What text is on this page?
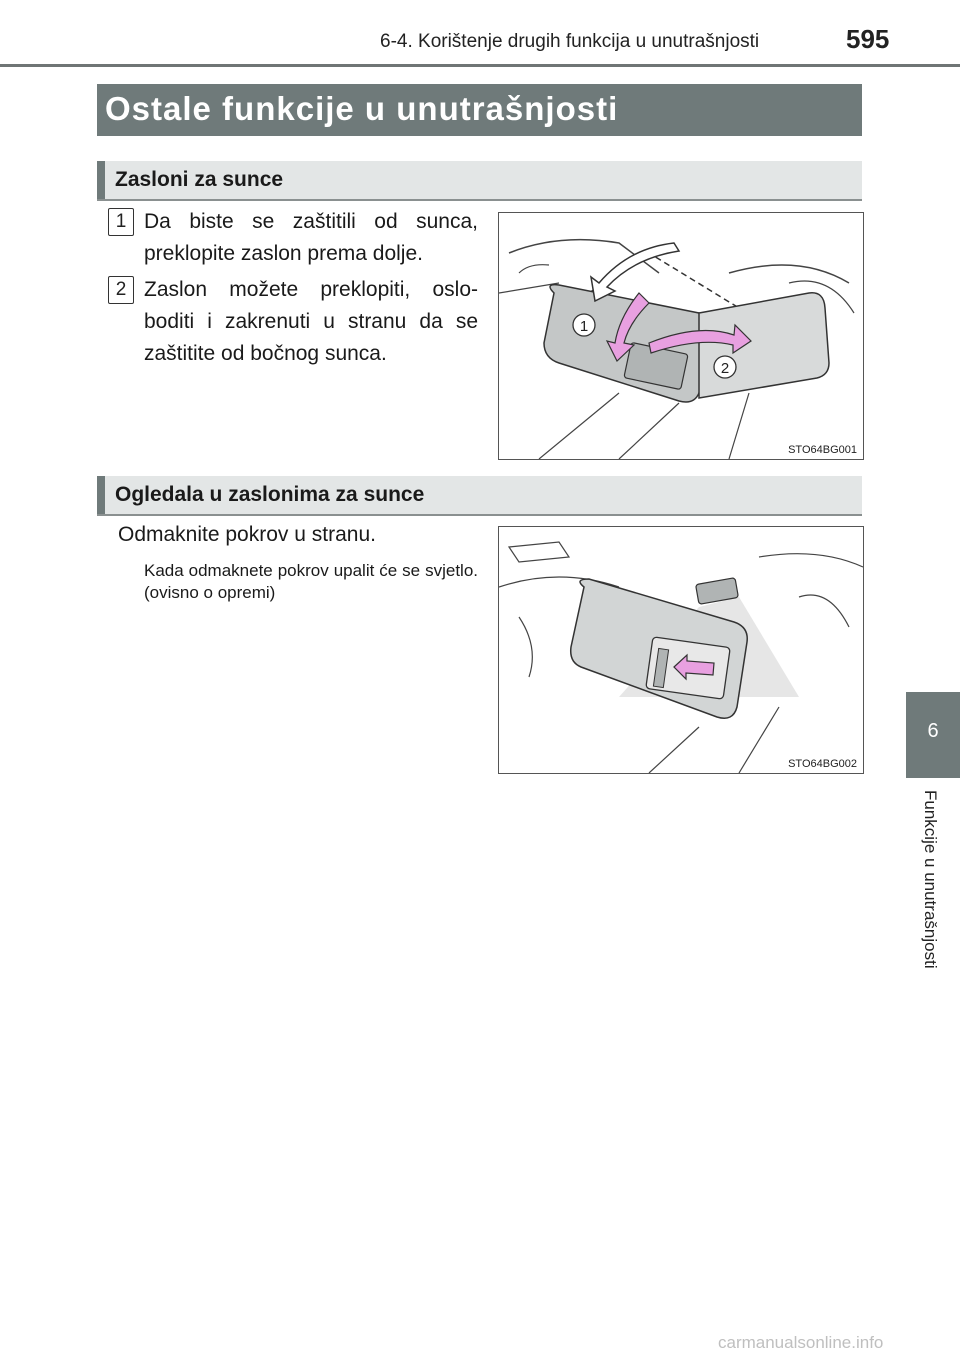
6-4. Korištenje drugih funkcija u unutrašnjosti	595
Ostale funkcije u unutrašnjosti
Zasloni za sunce
1 Da biste se zaštitili od sunca, preklopite zaslon prema dolje.
2 Zaslon možete preklopiti, oslo- boditi i zakrenuti u stranu da se zaštitite od bočnog sunca.
1
2
STO64BG001
Ogledala u zaslonima za sunce
Odmaknite pokrov u stranu.
Kada odmaknete pokrov upalit će se svjetlo. (ovisno o opremi)
STO64BG002
6
Funkcije u unutrašnjosti
carmanualsonline.info
